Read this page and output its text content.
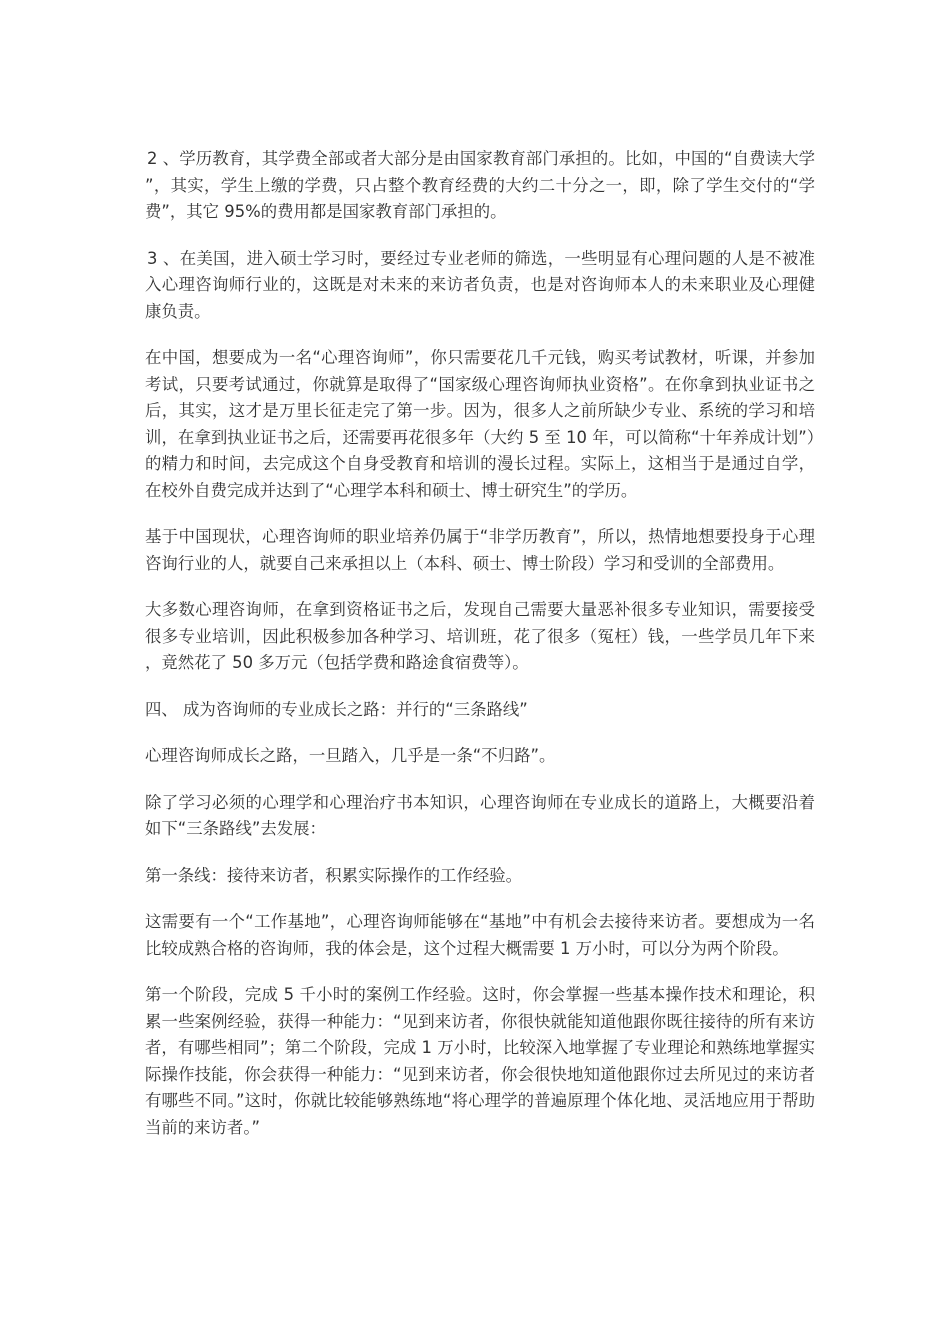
2 、学历教育，其学费全部或者大部分是由国家教育部门承担的。比如，中国的“自费读大学”，其实，学生上缴的学费，只占整个教育经费的大约二十分之一，即，除了学生交付的“学费”，其它 95%的费用都是国家教育部门承担的。

3 、在美国，进入硕士学习时，要经过专业老师的筛选，一些明显有心理问题的人是不被准入心理咨询师行业的，这既是对未来的来访者负责，也是对咨询师本人的未来职业及心理健康负责。

在中国，想要成为一名“心理咨询师”，你只需要花几千元钱，购买考试教材，听课，并参加考试，只要考试通过，你就算是取得了“国家级心理咨询师执业资格”。在你拿到执业证书之后，其实，这才是万里长征走完了第一步。因为，很多人之前所缺少专业、系统的学习和培训，在拿到执业证书之后，还需要再花很多年（大约 5 至 10 年，可以简称“十年养成计划”）的精力和时间，去完成这个自身受教育和培训的漫长过程。实际上，这相当于是通过自学，在校外自费完成并达到了“心理学本科和硕士、博士研究生”的学历。

基于中国现状，心理咨询师的职业培养仍属于“非学历教育”，所以，热情地想要投身于心理咨询行业的人，就要自己来承担以上（本科、硕士、博士阶段）学习和受训的全部费用。

大多数心理咨询师，在拿到资格证书之后，发现自己需要大量恶补很多专业知识，需要接受很多专业培训，因此积极参加各种学习、培训班，花了很多（冤枉）钱，一些学员几年下来，竟然花了 50 多万元（包括学费和路途食宿费等）。

四、 成为咨询师的专业成长之路：并行的“三条路线”

心理咨询师成长之路，一旦踏入，几乎是一条“不归路”。

除了学习必须的心理学和心理治疗书本知识，心理咨询师在专业成长的道路上，大概要沿着如下“三条路线”去发展：

第一条线：接待来访者，积累实际操作的工作经验。

这需要有一个“工作基地”，心理咨询师能够在“基地”中有机会去接待来访者。要想成为一名比较成熟合格的咨询师，我的体会是，这个过程大概需要 1 万小时，可以分为两个阶段。

第一个阶段，完成 5 千小时的案例工作经验。这时，你会掌握一些基本操作技术和理论，积累一些案例经验，获得一种能力：“见到来访者，你很快就能知道他跟你既往接待的所有来访者，有哪些相同”；第二个阶段，完成 1 万小时，比较深入地掌握了专业理论和熟练地掌握实际操作技能，你会获得一种能力：“见到来访者，你会很快地知道他跟你过去所见过的来访者有哪些不同。”这时，你就比较能够熟练地“将心理学的普遍原理个体化地、灵活地应用于帮助当前的来访者。”
